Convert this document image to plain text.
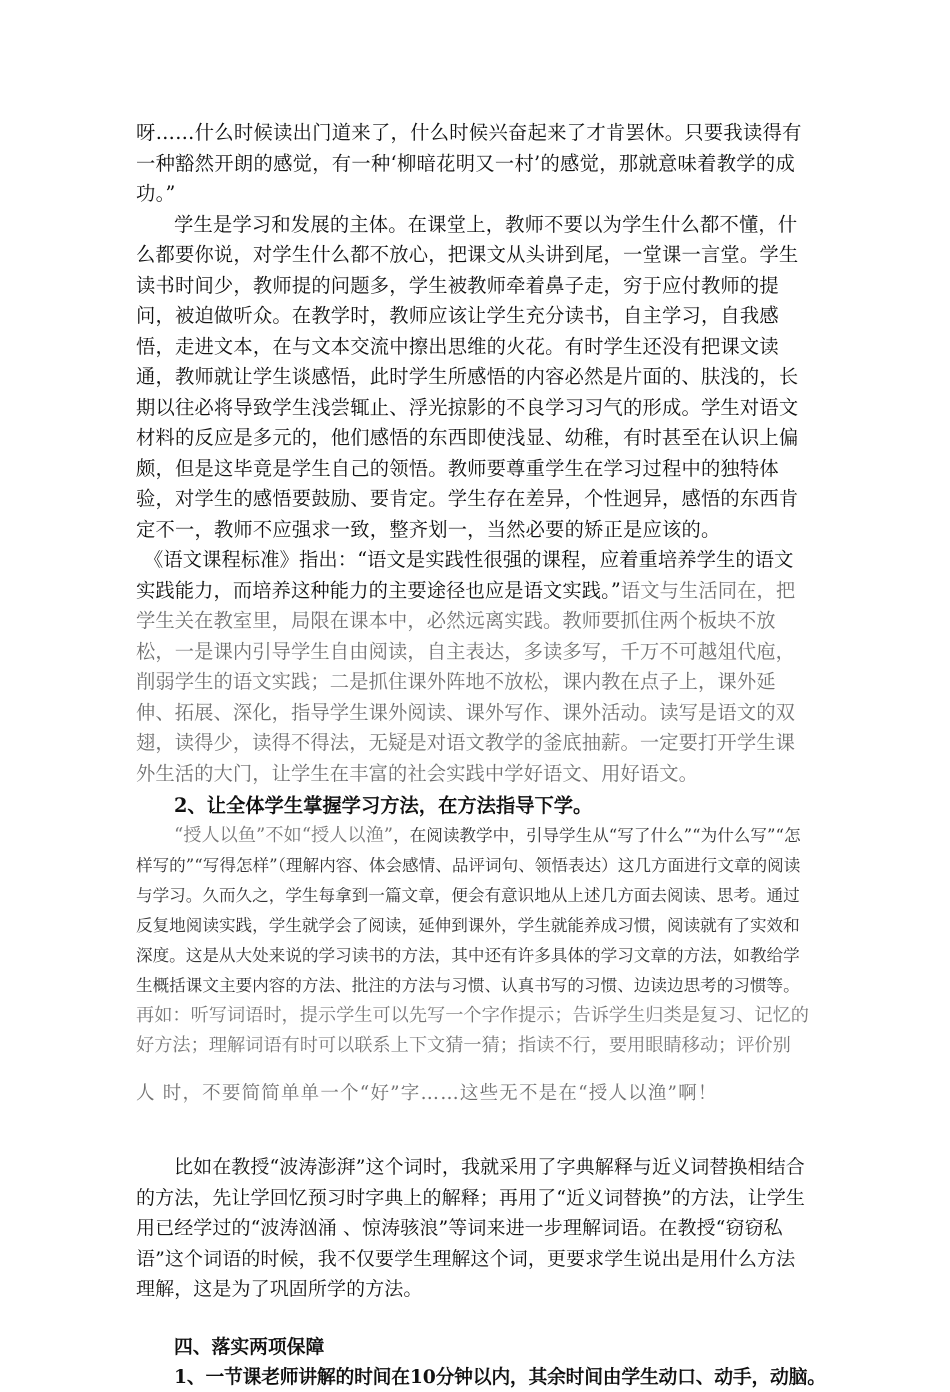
呀……什么时候读出门道来了，什么时候兴奋起来了才肯罢休。只要我读得有一种豁然开朗的感觉，有一种‘柳暗花明又一村’的感觉，那就意味着教学的成功。”

学生是学习和发展的主体。在课堂上，教师不要以为学生什么都不懂，什么都要你说，对学生什么都不放心，把课文从头讲到尾，一堂课一言堂。学生读书时间少，教师提的问题多，学生被教师牵着鼻子走，穷于应付教师的提问，被迫做听众。在教学时，教师应该让学生充分读书，自主学习，自我感悟，走进文本，在与文本交流中擦出思维的火花。有时学生还没有把课文读通，教师就让学生谈感悟，此时学生所感悟的内容必然是片面的、肤浅的，长期以往必将导致学生浅尝辄止、浮光掠影的不良学习习气的形成。学生对语文材料的反应是多元的，他们感悟的东西即使浅显、幼稚，有时甚至在认识上偏颇，但是这毕竟是学生自己的领悟。教师要尊重学生在学习过程中的独特体验，对学生的感悟要鼓励、要肯定。学生存在差异，个性迥异，感悟的东西肯定不一，教师不应强求一致，整齐划一，当然必要的矫正是应该的。

《语文课程标准》指出：“语文是实践性很强的课程，应着重培养学生的语文实践能力，而培养这种能力的主要途径也应是语文实践。”语文与生活同在，把学生关在教室里，局限在课本中，必然远离实践。教师要抓住两个板块不放松，一是课内引导学生自由阅读，自主表达，多读多写，千万不可越俎代庖，削弱学生的语文实践；二是抓住课外阵地不放松，课内教在点子上，课外延伸、拓展、深化，指导学生课外阅读、课外写作、课外活动。读写是语文的双翅，读得少，读得不得法，无疑是对语文教学的釜底抽薪。一定要打开学生课外生活的大门，让学生在丰富的社会实践中学好语文、用好语文。

2、让全体学生掌握学习方法，在方法指导下学。

“授人以鱼”不如“授人以渔”，在阅读教学中，引导学生从“写了什么”“为什么写”“怎样写的”“写得怎样”（理解内容、体会感情、品评词句、领悟表达）这几方面进行文章的阅读与学习。久而久之，学生每拿到一篇文章，便会有意识地从上述几方面去阅读、思考。通过反复地阅读实践，学生就学会了阅读，延伸到课外，学生就能养成习惯，阅读就有了实效和深度。这是从大处来说的学习读书的方法，其中还有许多具体的学习文章的方法，如教给学生概括课文主要内容的方法、批注的方法与习惯、认真书写的习惯、边读边思考的习惯等。再如：听写词语时，提示学生可以先写一个字作提示；告诉学生归类是复习、记忆的好方法；理解词语有时可以联系上下文猜一猜；指读不行，要用眼睛移动；评价别

人 时，不要简简单单一个“好”字……这些无不是在“授人以渔”啊！

比如在教授“波涛澎湃”这个词时，我就采用了字典解释与近义词替换相结合的方法，先让学回忆预习时字典上的解释；再用了“近义词替换”的方法，让学生用已经学过的“波涛汹涌 、惊涛骇浪”等词来进一步理解词语。在教授“窃窃私语”这个词语的时候，我不仅要学生理解这个词，更要求学生说出是用什么方法理解，这是为了巩固所学的方法。

四、落实两项保障

1、一节课老师讲解的时间在10分钟以内，其余时间由学生动口、动手，动脑。
